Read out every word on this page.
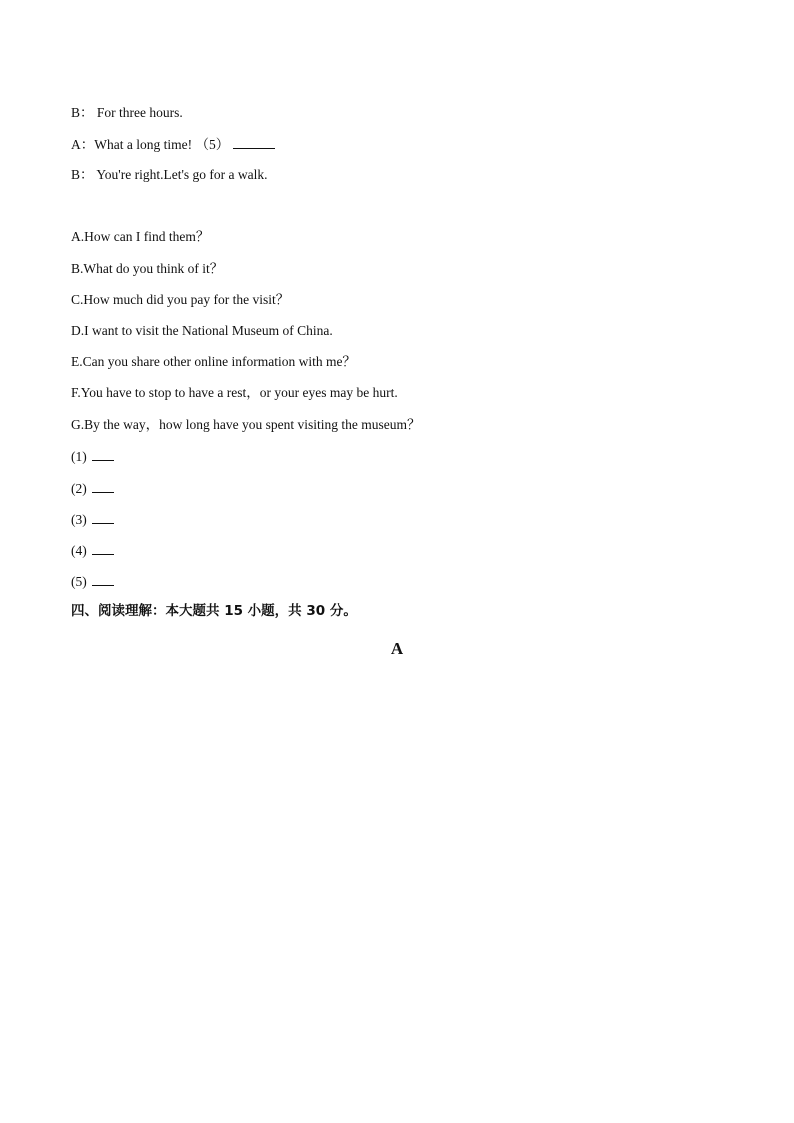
B： For three hours.
A：What a long time! （5）
B： You're right.Let's go for a walk.
A.How can I find them？
B.What do you think of it？
C.How much did you pay for the visit？
D.I want to visit the National Museum of China.
E.Can you share other online information with me？
F.You have to stop to have a rest，or your eyes may be hurt.
G.By the way，how long have you spent visiting the museum？
(1)
(2)
(3)
(4)
(5)
四、阅读理解：本大题共 15 小题，共 30 分。
A
